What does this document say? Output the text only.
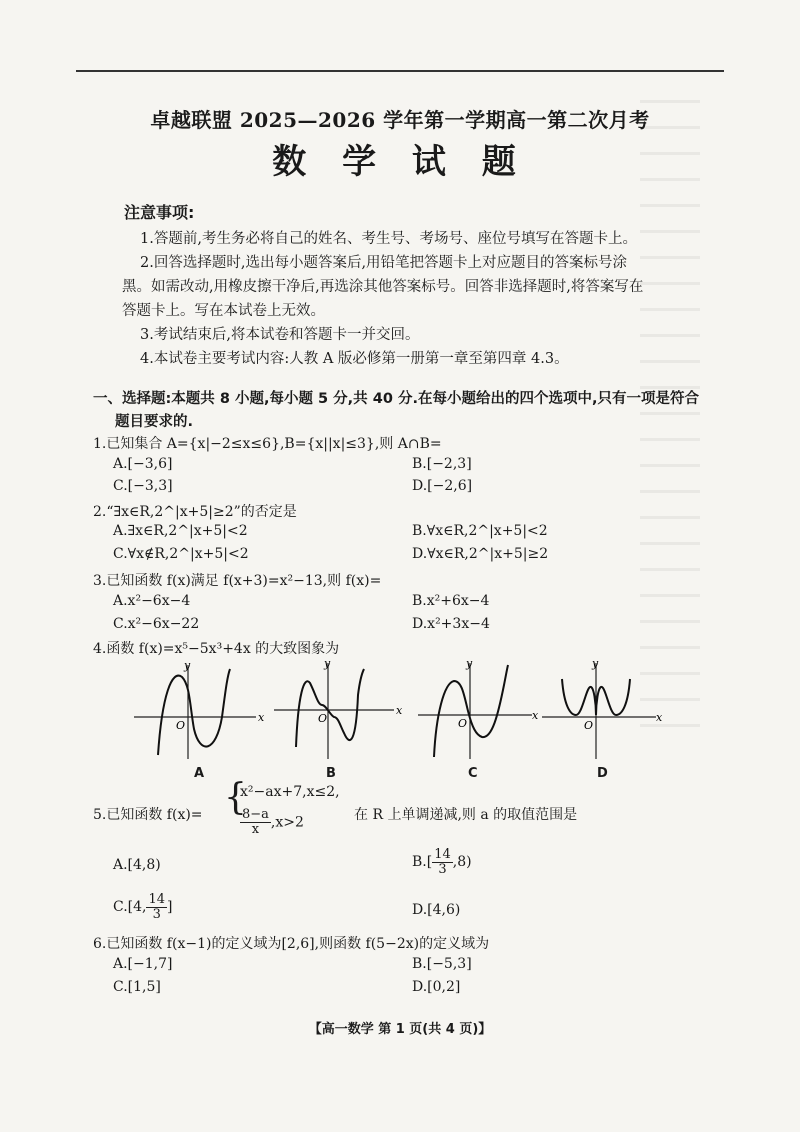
卓越联盟 2025—2026 学年第一学期高一第二次月考
数 学 试 题
注意事项:
1.答题前,考生务必将自己的姓名、考生号、考场号、座位号填写在答题卡上。
2.回答选择题时,选出每小题答案后,用铅笔把答题卡上对应题目的答案标号涂
黑。如需改动,用橡皮擦干净后,再选涂其他答案标号。回答非选择题时,将答案写在
答题卡上。写在本试卷上无效。
3.考试结束后,将本试卷和答题卡一并交回。
4.本试卷主要考试内容:人教 A 版必修第一册第一章至第四章 4.3。
一、选择题:本题共 8 小题,每小题 5 分,共 40 分.在每小题给出的四个选项中,只有一项是符合
题目要求的.
1.已知集合 A={x|−2≤x≤6},B={x||x|≤3},则 A∩B=
A.[−3,6]	B.[−2,3]
C.[−3,3]	D.[−2,6]
2.“∃x∈R,2^|x+5|≥2”的否定是
A.∃x∈R,2^|x+5|<2	B.∀x∈R,2^|x+5|<2
C.∀x∉R,2^|x+5|<2	D.∀x∈R,2^|x+5|≥2
3.已知函数 f(x)满足 f(x+3)=x²−13,则 f(x)=
A.x²−6x−4	B.x²+6x−4
C.x²−6x−22	D.x²+3x−4
4.函数 f(x)=x⁵−5x³+4x 的大致图象为
y
x
O
A
y
x
O
B
y
x
O
C
y
x
O
D
5.已知函数 f(x)= {
x²−ax+7,x≤2,
$\frac{8-a}{x} ,x>2$	在 R 上单调递减,则 a 的取值范围是
A.[4,8)	$B.[ \frac{14}{3} ,8)$
C.[4, $\frac{14}{3}$ ]	D.[4,6)
6.已知函数 f(x−1)的定义域为[2,6],则函数 f(5−2x)的定义域为
A.[−1,7]	B.[−5,3]
C.[1,5]	D.[0,2]
【高一数学 第 1 页(共 4 页)】
